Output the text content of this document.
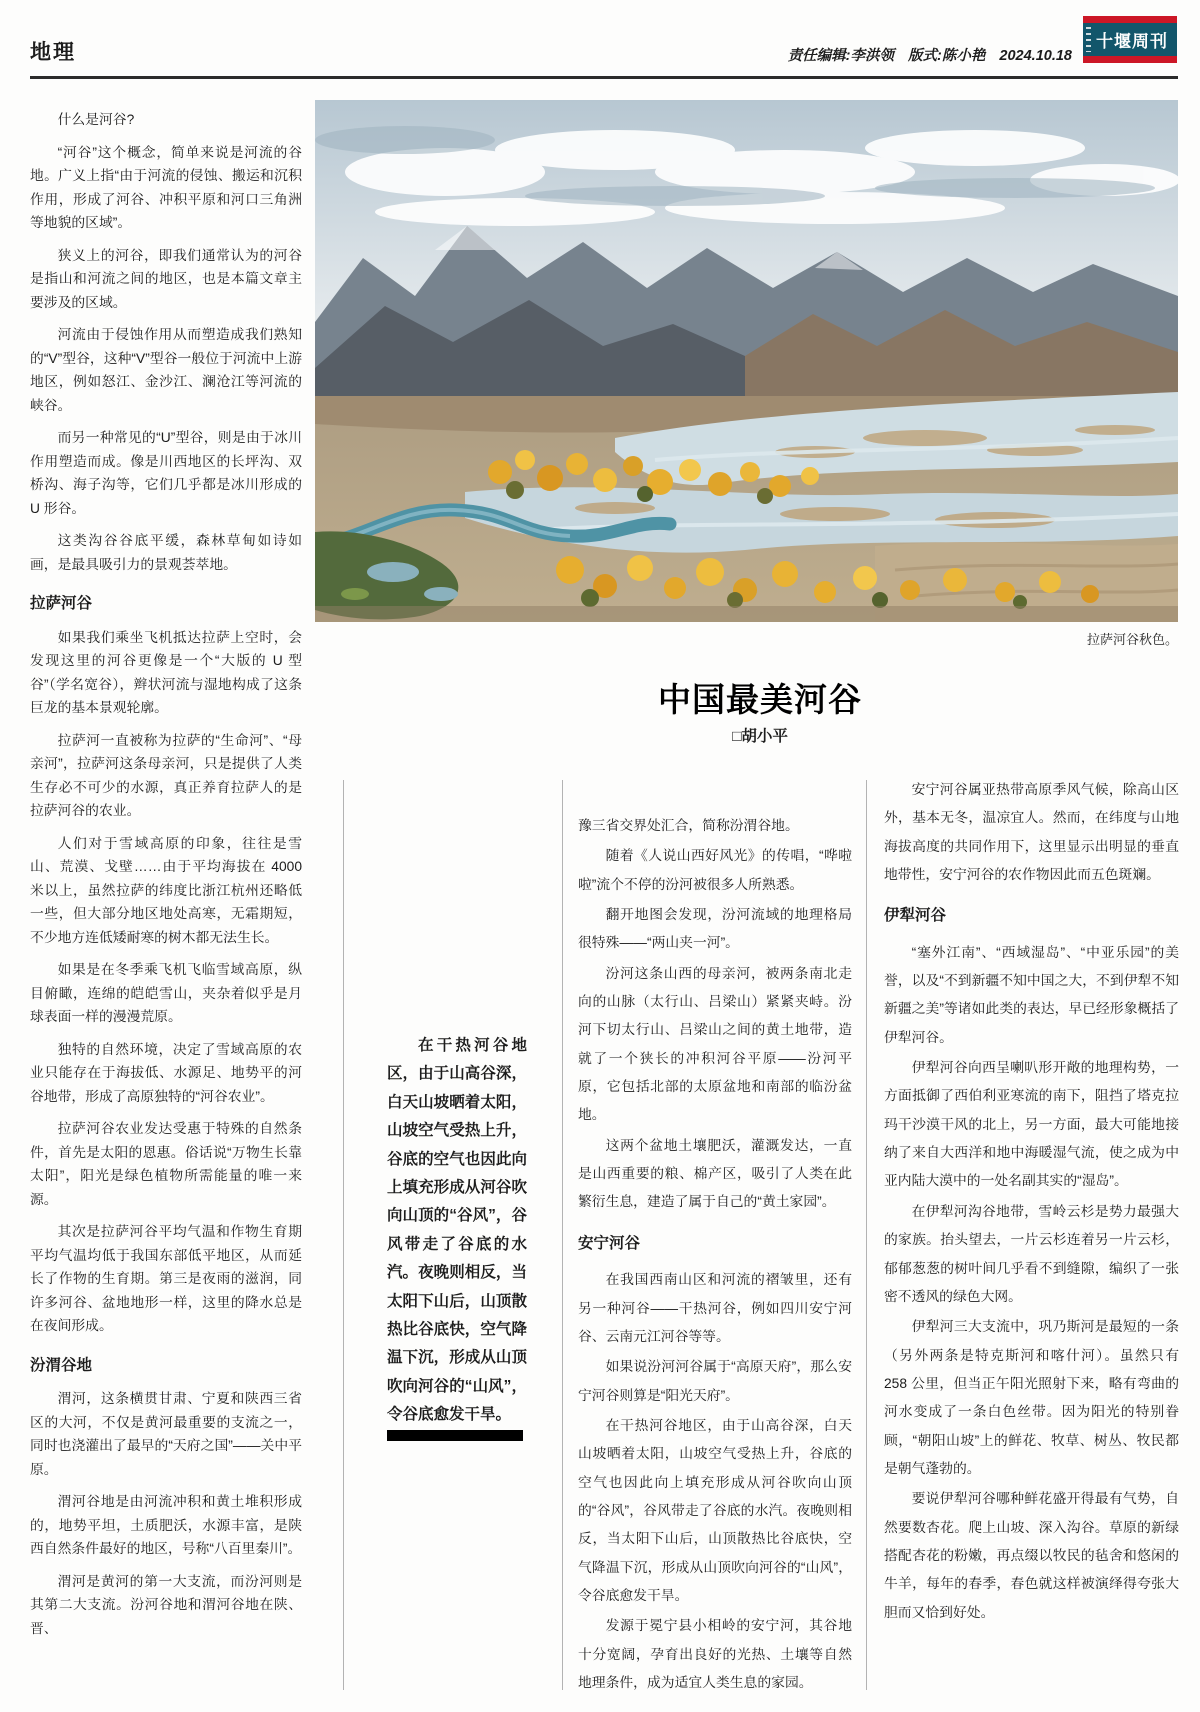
地理	责任编辑:李洪领 版式:陈小艳 2024.10.18
十堰周刊
拉萨河谷秋色。
中国最美河谷
□胡小平

什么是河谷?

“河谷”这个概念，简单来说是河流的谷地。广义上指“由于河流的侵蚀、搬运和沉积作用，形成了河谷、冲积平原和河口三角洲等地貌的区域”。

狭义上的河谷，即我们通常认为的河谷是指山和河流之间的地区，也是本篇文章主要涉及的区域。

河流由于侵蚀作用从而塑造成我们熟知的“V”型谷，这种“V”型谷一般位于河流中上游地区，例如怒江、金沙江、澜沧江等河流的峡谷。

而另一种常见的“U”型谷，则是由于冰川作用塑造而成。像是川西地区的长坪沟、双桥沟、海子沟等，它们几乎都是冰川形成的 U 形谷。

这类沟谷谷底平缓，森林草甸如诗如画，是最具吸引力的景观荟萃地。

拉萨河谷

如果我们乘坐飞机抵达拉萨上空时，会发现这里的河谷更像是一个“大版的 U 型谷”（学名宽谷），辫状河流与湿地构成了这条巨龙的基本景观轮廓。

拉萨河一直被称为拉萨的“生命河”、“母亲河”，拉萨河这条母亲河，只是提供了人类生存必不可少的水源，真正养育拉萨人的是拉萨河谷的农业。

人们对于雪域高原的印象，往往是雪山、荒漠、戈壁……由于平均海拔在 4000 米以上，虽然拉萨的纬度比浙江杭州还略低一些，但大部分地区地处高寒，无霜期短，不少地方连低矮耐寒的树木都无法生长。

如果是在冬季乘飞机飞临雪域高原，纵目俯瞰，连绵的皑皑雪山，夹杂着似乎是月球表面一样的漫漫荒原。

独特的自然环境，决定了雪域高原的农业只能存在于海拔低、水源足、地势平的河谷地带，形成了高原独特的“河谷农业”。

拉萨河谷农业发达受惠于特殊的自然条件，首先是太阳的恩惠。俗话说“万物生长靠太阳”，阳光是绿色植物所需能量的唯一来源。

其次是拉萨河谷平均气温和作物生育期平均气温均低于我国东部低平地区，从而延长了作物的生育期。第三是夜雨的滋润，同许多河谷、盆地地形一样，这里的降水总是在夜间形成。

汾渭谷地

渭河，这条横贯甘肃、宁夏和陕西三省区的大河，不仅是黄河最重要的支流之一，同时也浇灌出了最早的“天府之国”——关中平原。

渭河谷地是由河流冲积和黄土堆积形成的，地势平坦，土质肥沃，水源丰富，是陕西自然条件最好的地区，号称“八百里秦川”。

渭河是黄河的第一大支流，而汾河则是其第二大支流。汾河谷地和渭河谷地在陕、晋、

在干热河谷地区，由于山高谷深，白天山坡晒着太阳，山坡空气受热上升，谷底的空气也因此向上填充形成从河谷吹向山顶的“谷风”，谷风带走了谷底的水汽。夜晚则相反，当太阳下山后，山顶散热比谷底快，空气降温下沉，形成从山顶吹向河谷的“山风”，令谷底愈发干旱。

豫三省交界处汇合，简称汾渭谷地。

随着《人说山西好风光》的传唱，“哗啦啦”流个不停的汾河被很多人所熟悉。

翻开地图会发现，汾河流域的地理格局很特殊——“两山夹一河”。

汾河这条山西的母亲河，被两条南北走向的山脉（太行山、吕梁山）紧紧夹峙。汾河下切太行山、吕梁山之间的黄土地带，造就了一个狭长的冲积河谷平原——汾河平原，它包括北部的太原盆地和南部的临汾盆地。

这两个盆地土壤肥沃，灌溉发达，一直是山西重要的粮、棉产区，吸引了人类在此繁衍生息，建造了属于自己的“黄土家园”。

安宁河谷

在我国西南山区和河流的褶皱里，还有另一种河谷——干热河谷，例如四川安宁河谷、云南元江河谷等等。

如果说汾河河谷属于“高原天府”，那么安宁河谷则算是“阳光天府”。

在干热河谷地区，由于山高谷深，白天山坡晒着太阳，山坡空气受热上升，谷底的空气也因此向上填充形成从河谷吹向山顶的“谷风”，谷风带走了谷底的水汽。夜晚则相反，当太阳下山后，山顶散热比谷底快，空气降温下沉，形成从山顶吹向河谷的“山风”，令谷底愈发干旱。

发源于冕宁县小相岭的安宁河，其谷地十分宽阔，孕育出良好的光热、土壤等自然地理条件，成为适宜人类生息的家园。

安宁河谷属亚热带高原季风气候，除高山区外，基本无冬，温凉宜人。然而，在纬度与山地海拔高度的共同作用下，这里显示出明显的垂直地带性，安宁河谷的农作物因此而五色斑斓。

伊犁河谷

“塞外江南”、“西域湿岛”、“中亚乐园”的美誉，以及“不到新疆不知中国之大，不到伊犁不知新疆之美”等诸如此类的表达，早已经形象概括了伊犁河谷。

伊犁河谷向西呈喇叭形开敞的地理构势，一方面抵御了西伯利亚寒流的南下，阻挡了塔克拉玛干沙漠干风的北上，另一方面，最大可能地接纳了来自大西洋和地中海暖湿气流，使之成为中亚内陆大漠中的一处名副其实的“湿岛”。

在伊犁河沟谷地带，雪岭云杉是势力最强大的家族。抬头望去，一片云杉连着另一片云杉，郁郁葱葱的树叶间几乎看不到缝隙，编织了一张密不透风的绿色大网。

伊犁河三大支流中，巩乃斯河是最短的一条（另外两条是特克斯河和喀什河）。虽然只有 258 公里，但当正午阳光照射下来，略有弯曲的河水变成了一条白色丝带。因为阳光的特别眷顾，“朝阳山坡”上的鲜花、牧草、树丛、牧民都是朝气蓬勃的。

要说伊犁河谷哪种鲜花盛开得最有气势，自然要数杏花。爬上山坡、深入沟谷。草原的新绿搭配杏花的粉嫩，再点缀以牧民的毡舍和悠闲的牛羊，每年的春季，春色就这样被演绎得夸张大胆而又恰到好处。
